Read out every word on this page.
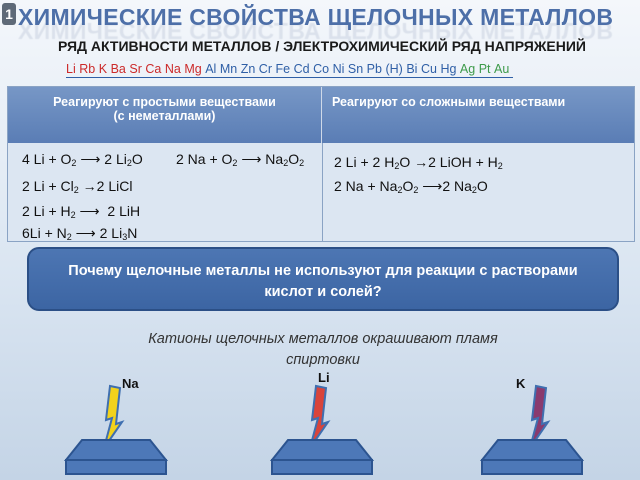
1 ХИМИЧЕСКИЕ СВОЙСТВА ЩЕЛОЧНЫХ МЕТАЛЛОВ
РЯД АКТИВНОСТИ МЕТАЛЛОВ / ЭЛЕКТРОХИМИЧЕСКИЙ РЯД НАПРЯЖЕНИЙ
Li Rb K Ba Sr Ca Na Mg Al Mn Zn Cr Fe Cd Co Ni Sn Pb (H) Bi Cu Hg Ag Pt Au
Реагируют с простыми веществами
(с неметаллами)
Реагируют со сложными веществами
4 $Li + O_2$ ⟶ 2 $Li_2O$ 2 $Na + O_2$ ⟶ $Na_2O_2$
2 $Li + Cl_2 \to 2$ LiCl
2 $Li + H_2$ ⟶  2 LiH
$6Li + N_2$ ⟶ 2 $Li_3N$
2 Li + 2 $H_2O \to 2$ LiOH + $H_2$
2 $Na + Na_2O_2$ ⟶2 $Na_2O$
Почему щелочные металлы не используют для реакции с растворами
кислот и солей?
Катионы щелочных металлов окрашивают пламя
спиртовки
Na	Li	K
